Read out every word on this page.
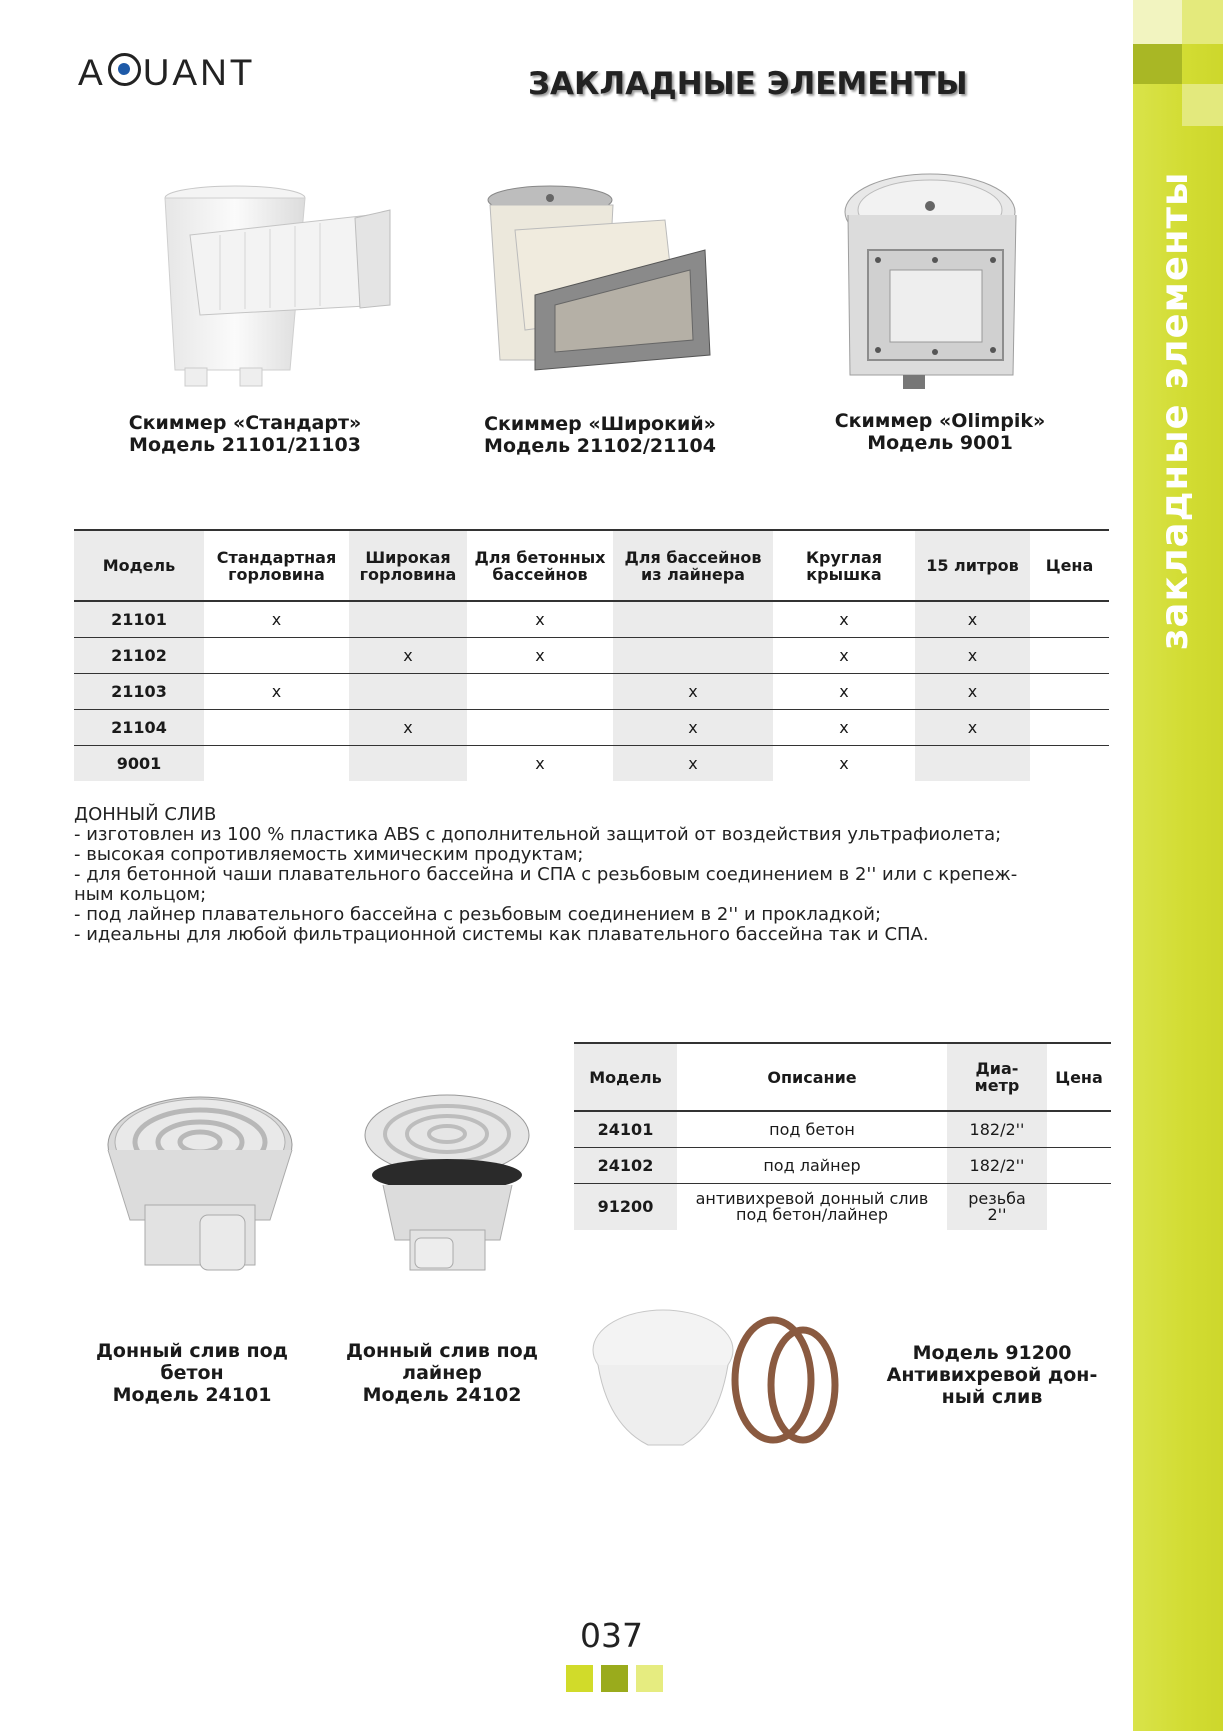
закладные элементы
A UANT	ЗАКЛАДНЫЕ ЭЛЕМЕНТЫ
Скиммер «Стандарт»
Модель 21101/21103
Скиммер «Широкий»
Модель 21102/21104
Скиммер «Olimpik»
Модель 9001
Модель	Стандартная горловина	Широкая горловина	Для бетонных бассейнов	Для бассейнов из лайнера	Круглая крышка	15 литров	Цена
21101	x		x		x	x	
21102		x	x		x	x	
21103	x			x	x	x	
21104		x		x	x	x	
9001			x	x	x		
ДОННЫЙ СЛИВ
- изготовлен из 100 % пластика ABS с дополнительной защитой от воздействия ультрафиолета;
- высокая сопротивляемость химическим продуктам;
- для бетонной чаши плавательного бассейна и СПА с резьбовым соединением в 2'' или с крепеж-
ным кольцом;
- под лайнер плавательного бассейна с резьбовым соединением в 2'' и прокладкой;
- идеальны для любой фильтрационной системы как плавательного бассейна так и СПА.
Модель	Описание	Диа-метр	Цена
24101	под бетон	182/2''	
24102	под лайнер	182/2''	
91200	антивихревой донный слив под бетон/лайнер	резьба 2''	
Донный слив под
бетон
Модель 24101
Донный слив под
лайнер
Модель 24102
Модель 91200
Антивихревой дон-
ный слив
037
